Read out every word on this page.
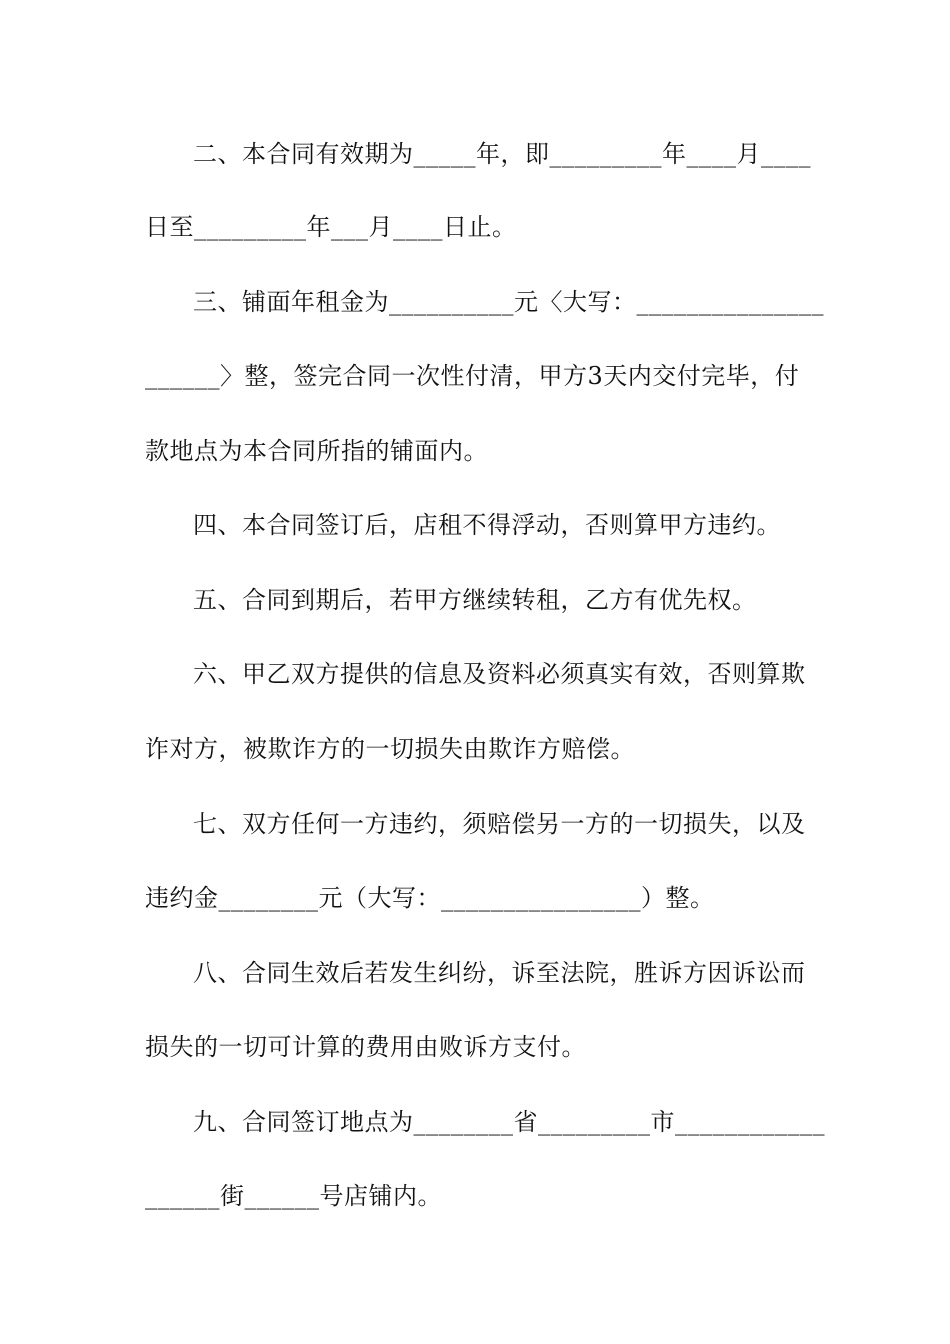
二、本合同有效期为_____年，即_________年____月____
日至_________年___月____日止。
三、铺面年租金为__________元〈大写：_______________
______〉整，签完合同一次性付清，甲方3天内交付完毕，付
款地点为本合同所指的铺面内。
四、本合同签订后，店租不得浮动，否则算甲方违约。
五、合同到期后，若甲方继续转租，乙方有优先权。
六、甲乙双方提供的信息及资料必须真实有效，否则算欺
诈对方，被欺诈方的一切损失由欺诈方赔偿。
七、双方任何一方违约，须赔偿另一方的一切损失，以及
违约金________元（大写：________________）整。
八、合同生效后若发生纠纷，诉至法院，胜诉方因诉讼而
损失的一切可计算的费用由败诉方支付。
九、合同签订地点为________省_________市____________
______街______号店铺内。
